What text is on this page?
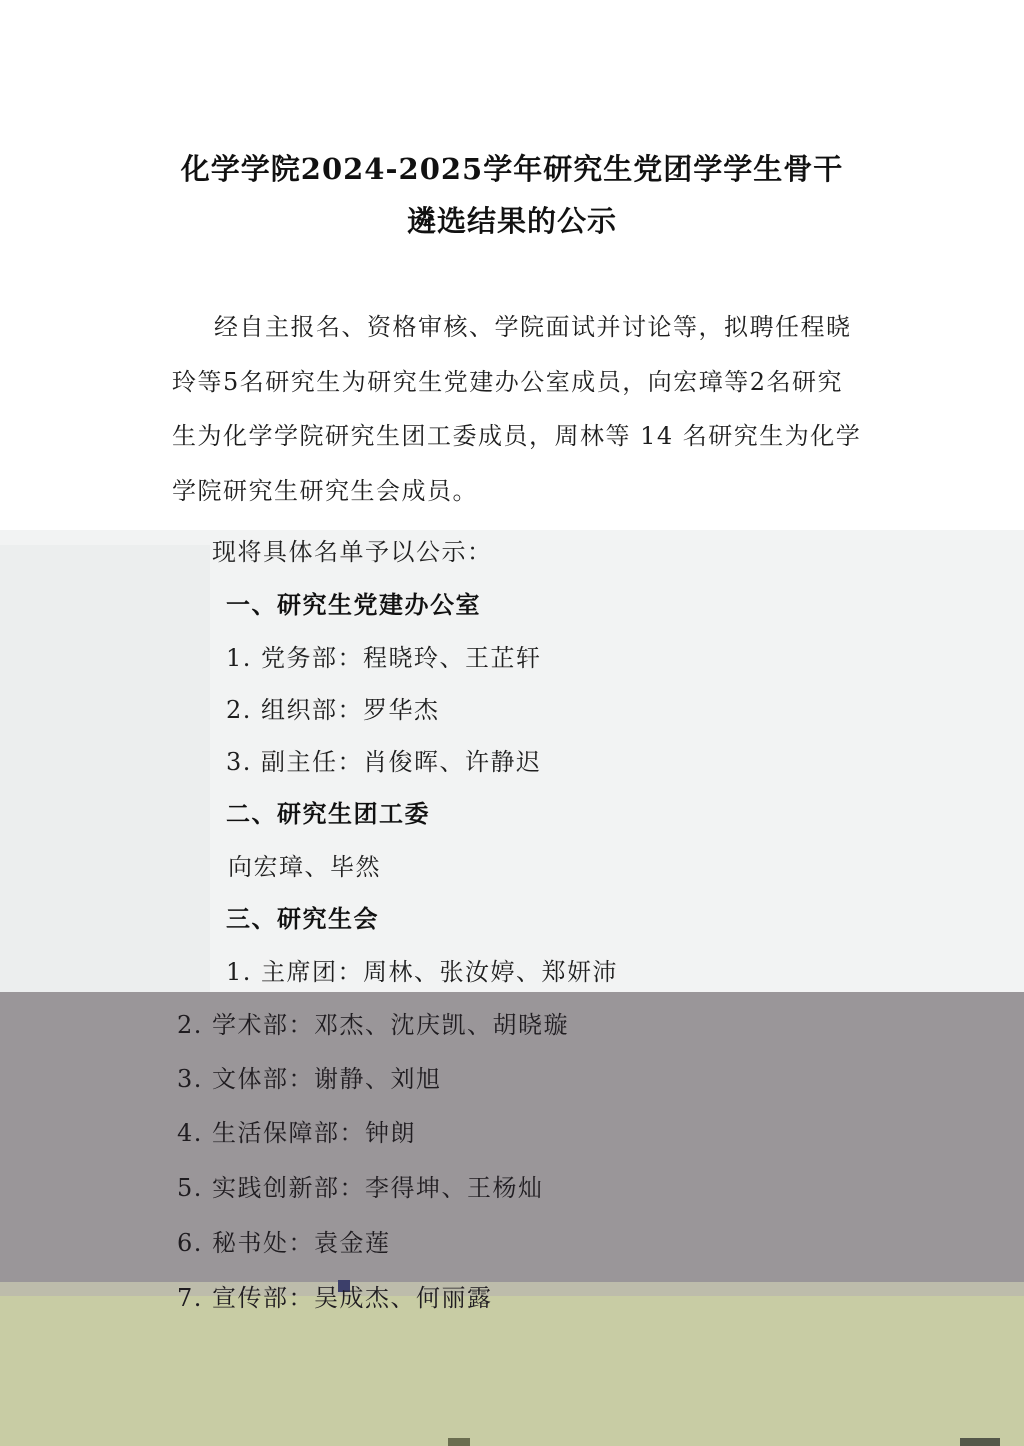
化学学院2024-2025学年研究生党团学学生骨干
遴选结果的公示
经自主报名、资格审核、学院面试并讨论等，拟聘任程晓玲等5名研究生为研究生党建办公室成员，向宏璋等2名研究生为化学学院研究生团工委成员，周林等 14 名研究生为化学学院研究生研究生会成员。
现将具体名单予以公示：
一、研究生党建办公室
1. 党务部：程晓玲、王芷轩
2. 组织部：罗华杰
3. 副主任：肖俊晖、许静迟
二、研究生团工委
向宏璋、毕然
三、研究生会
1. 主席团：周林、张汝婷、郑妍沛
2. 学术部：邓杰、沈庆凯、胡晓璇
3. 文体部：谢静、刘旭
4. 生活保障部：钟朗
5. 实践创新部：李得坤、王杨灿
6. 秘书处：袁金莲
7. 宣传部：吴成杰、何丽露
